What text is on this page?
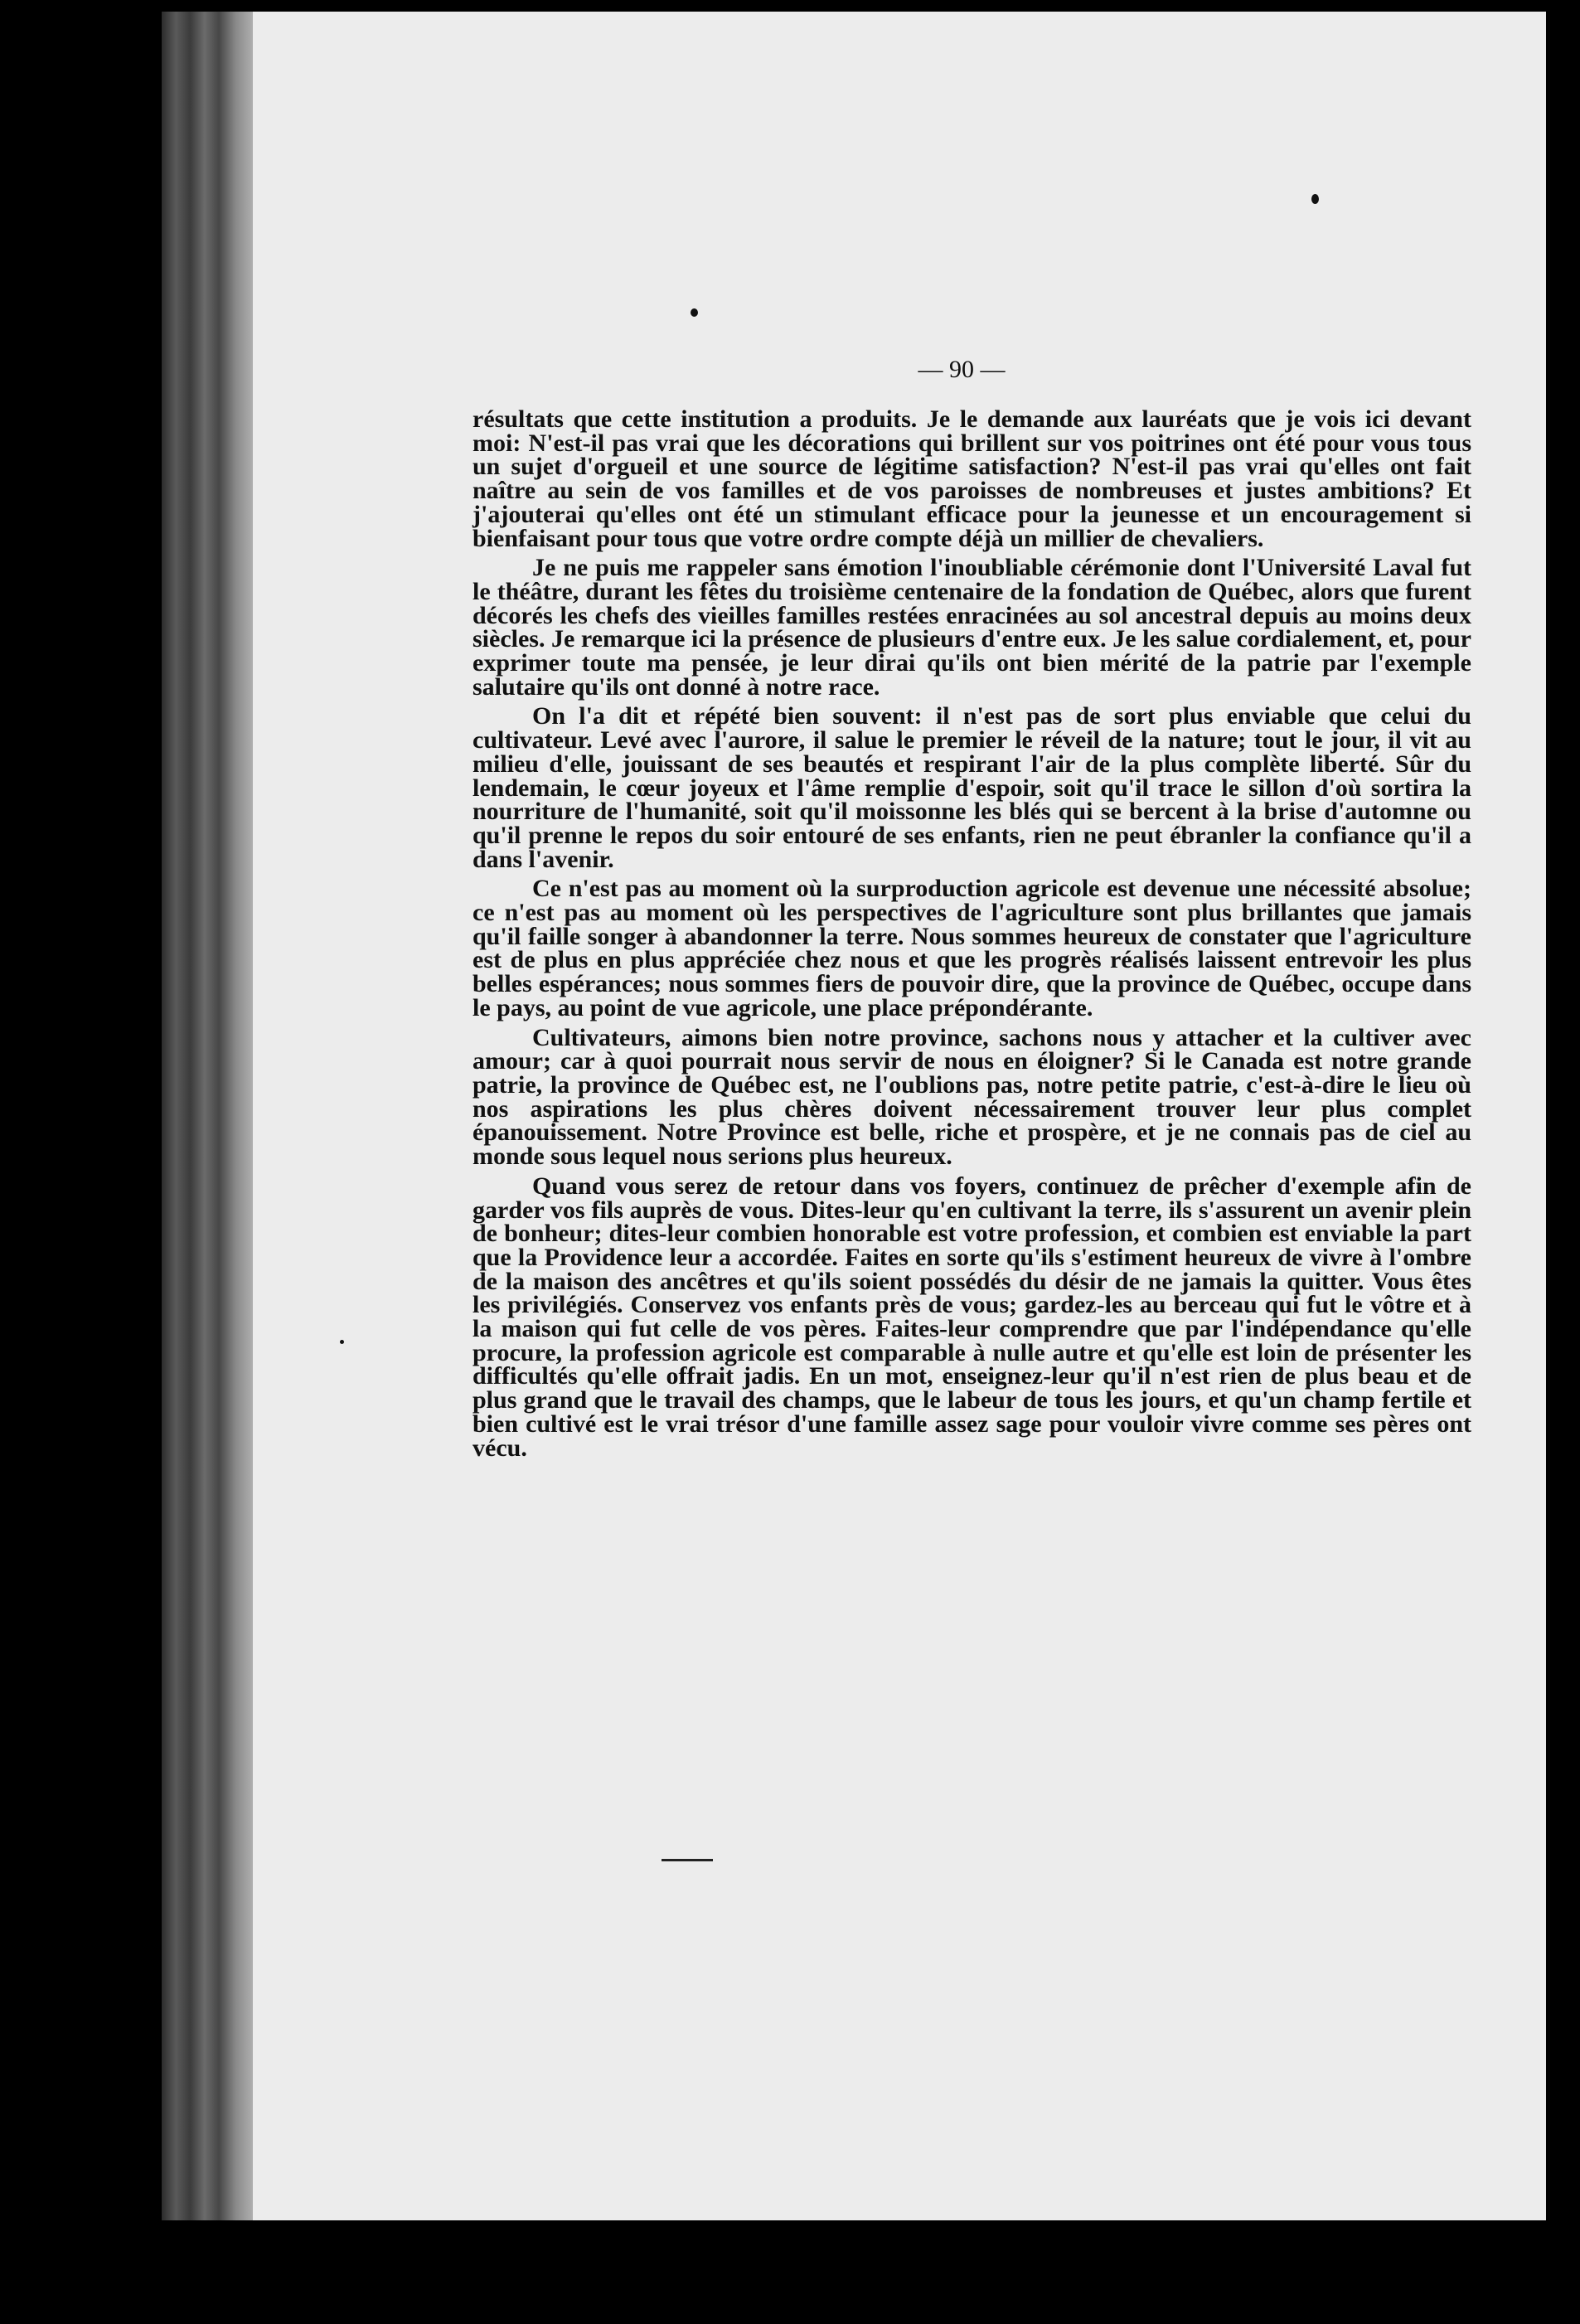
— 90 —

résultats que cette institution a produits. Je le demande aux lauréats que je vois ici devant moi: N'est-il pas vrai que les décorations qui brillent sur vos poitrines ont été pour vous tous un sujet d'orgueil et une source de légitime satisfaction? N'est-il pas vrai qu'elles ont fait naître au sein de vos familles et de vos paroisses de nombreuses et justes ambitions? Et j'ajouterai qu'elles ont été un stimulant efficace pour la jeunesse et un encouragement si bienfaisant pour tous que votre ordre compte déjà un millier de chevaliers.

Je ne puis me rappeler sans émotion l'inoubliable cérémonie dont l'Université Laval fut le théâtre, durant les fêtes du troisième centenaire de la fondation de Québec, alors que furent décorés les chefs des vieilles familles restées enracinées au sol ancestral depuis au moins deux siècles. Je remarque ici la présence de plusieurs d'entre eux. Je les salue cordialement, et, pour exprimer toute ma pensée, je leur dirai qu'ils ont bien mérité de la patrie par l'exemple salutaire qu'ils ont donné à notre race.

On l'a dit et répété bien souvent: il n'est pas de sort plus enviable que celui du cultivateur. Levé avec l'aurore, il salue le premier le réveil de la nature; tout le jour, il vit au milieu d'elle, jouissant de ses beautés et respirant l'air de la plus complète liberté. Sûr du lendemain, le cœur joyeux et l'âme remplie d'espoir, soit qu'il trace le sillon d'où sortira la nourriture de l'humanité, soit qu'il moissonne les blés qui se bercent à la brise d'automne ou qu'il prenne le repos du soir entouré de ses enfants, rien ne peut ébranler la confiance qu'il a dans l'avenir.

Ce n'est pas au moment où la surproduction agricole est devenue une nécessité absolue; ce n'est pas au moment où les perspectives de l'agriculture sont plus brillantes que jamais qu'il faille songer à abandonner la terre. Nous sommes heureux de constater que l'agriculture est de plus en plus appréciée chez nous et que les progrès réalisés laissent entrevoir les plus belles espérances; nous sommes fiers de pouvoir dire, que la province de Québec, occupe dans le pays, au point de vue agricole, une place prépondérante.

Cultivateurs, aimons bien notre province, sachons nous y attacher et la cultiver avec amour; car à quoi pourrait nous servir de nous en éloigner? Si le Canada est notre grande patrie, la province de Québec est, ne l'oublions pas, notre petite patrie, c'est-à-dire le lieu où nos aspirations les plus chères doivent nécessairement trouver leur plus complet épanouissement. Notre Province est belle, riche et prospère, et je ne connais pas de ciel au monde sous lequel nous serions plus heureux.

Quand vous serez de retour dans vos foyers, continuez de prêcher d'exemple afin de garder vos fils auprès de vous. Dites-leur qu'en cultivant la terre, ils s'assurent un avenir plein de bonheur; dites-leur combien honorable est votre profession, et combien est enviable la part que la Providence leur a accordée. Faites en sorte qu'ils s'estiment heureux de vivre à l'ombre de la maison des ancêtres et qu'ils soient possédés du désir de ne jamais la quitter. Vous êtes les privilégiés. Conservez vos enfants près de vous; gardez-les au berceau qui fut le vôtre et à la maison qui fut celle de vos pères. Faites-leur comprendre que par l'indépendance qu'elle procure, la profession agricole est comparable à nulle autre et qu'elle est loin de présenter les difficultés qu'elle offrait jadis. En un mot, enseignez-leur qu'il n'est rien de plus beau et de plus grand que le travail des champs, que le labeur de tous les jours, et qu'un champ fertile et bien cultivé est le vrai trésor d'une famille assez sage pour vouloir vivre comme ses pères ont vécu.
